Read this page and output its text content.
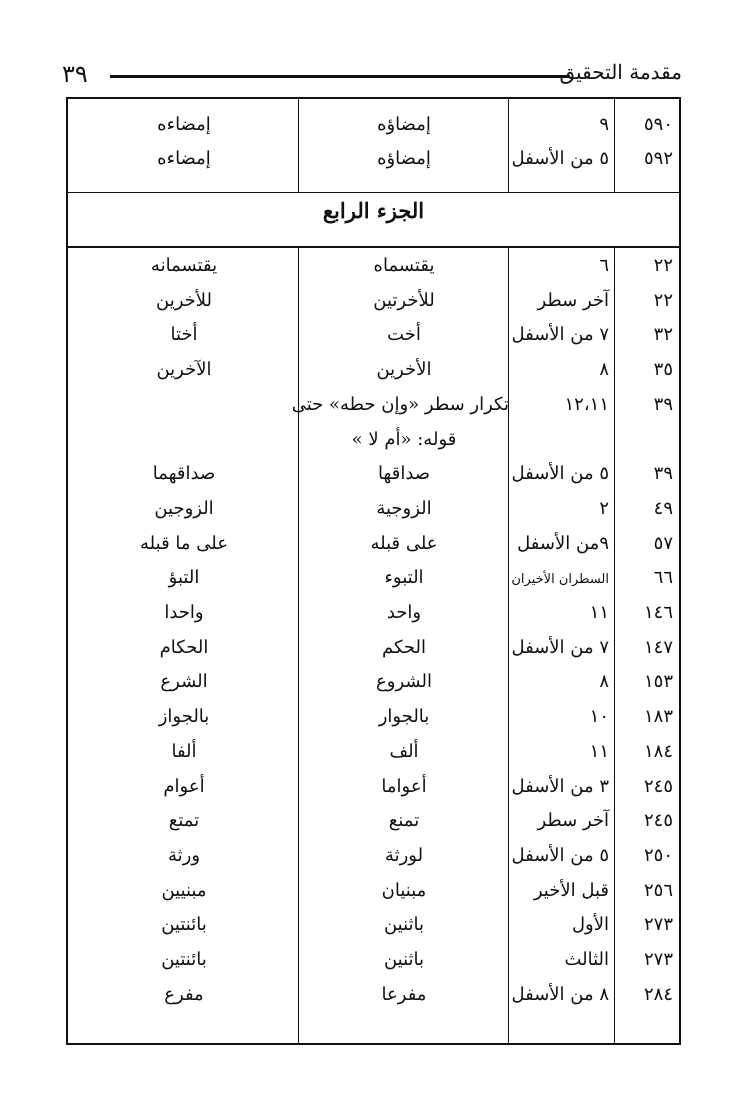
٣٩	مقدمة التحقيق
الجزء الرابع
٥٩٠
٩
إمضاؤه
إمضاءه
٥٩٢
٥ من الأسفل
إمضاؤه
إمضاءه
٢٢
٦
يقتسماه
يقتسمانه
٢٢
آخر سطر
للأخرتين
للأخرين
٣٢
٧ من الأسفل
أخت
أختا
٣٥
٨
الأخرين
الآخرين
٣٩
١٢،١١
تكرار سطر «وإن حطه» حتى
قوله: «أم لا »
٣٩
٥ من الأسفل
صداقها
صداقهما
٤٩
٢
الزوجية
الزوجين
٥٧
٩من الأسفل
على قبله
على ما قبله
٦٦
السطران الأخيران
التبوء
التبؤ
١٤٦
١١
واحد
واحدا
١٤٧
٧ من الأسفل
الحكم
الحكام
١٥٣
٨
الشروع
الشرع
١٨٣
١٠
بالجوار
بالجواز
١٨٤
١١
ألف
ألفا
٢٤٥
٣ من الأسفل
أعواما
أعوام
٢٤٥
آخر سطر
تمنع
تمتع
٢٥٠
٥ من الأسفل
لورثة
ورثة
٢٥٦
قبل الأخير
مبنيان
مبنيين
٢٧٣
الأول
باثنين
بائنتين
٢٧٣
الثالث
باثنين
بائنتين
٢٨٤
٨ من الأسفل
مفرعا
مفرع
